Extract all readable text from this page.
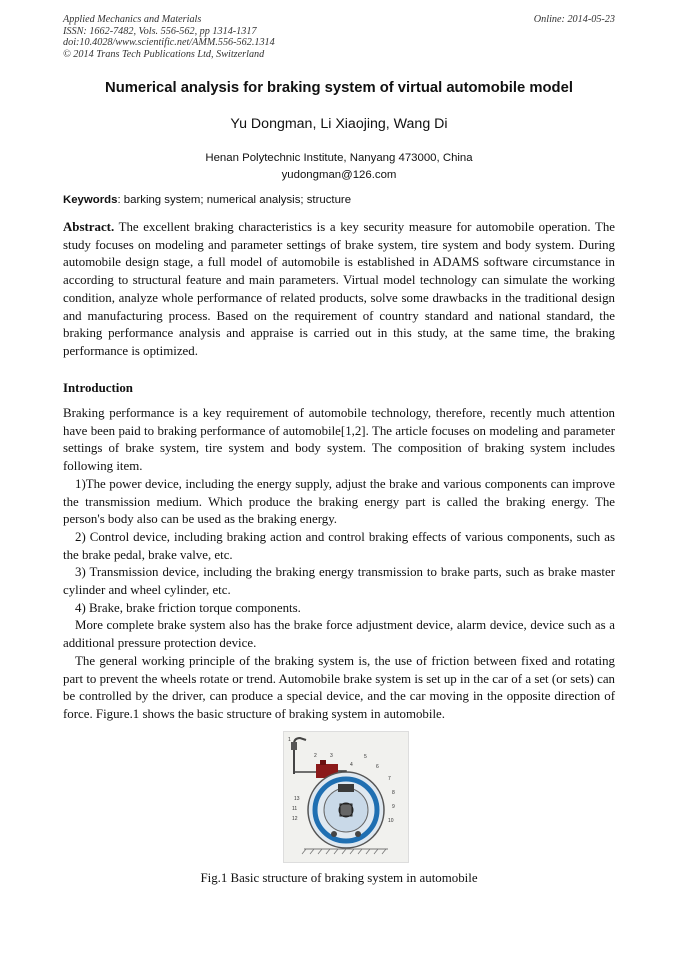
Applied Mechanics and Materials
ISSN: 1662-7482, Vols. 556-562, pp 1314-1317
doi:10.4028/www.scientific.net/AMM.556-562.1314
© 2014 Trans Tech Publications Ltd, Switzerland
Online: 2014-05-23
Numerical analysis for braking system of virtual automobile model
Yu Dongman, Li Xiaojing, Wang Di
Henan Polytechnic Institute, Nanyang 473000, China
yudongman@126.com
Keywords: barking system; numerical analysis; structure
Abstract. The excellent braking characteristics is a key security measure for automobile operation. The study focuses on modeling and parameter settings of brake system, tire system and body system. During automobile design stage, a full model of automobile is established in ADAMS software circumstance in according to structural feature and main parameters. Virtual model technology can simulate the working condition, analyze whole performance of related products, solve some drawbacks in the traditional design and manufacturing process. Based on the requirement of country standard and national standard, the braking performance analysis and appraise is carried out in this study, at the same time, the braking performance is optimized.
Introduction

Braking performance is a key requirement of automobile technology, therefore, recently much attention have been paid to braking performance of automobile[1,2]. The article focuses on modeling and parameter settings of brake system, tire system and body system. The composition of braking system includes following item.

1)The power device, including the energy supply, adjust the brake and various components can improve the transmission medium. Which produce the braking energy part is called the braking energy. The person's body also can be used as the braking energy.

2) Control device, including braking action and control braking effects of various components, such as the brake pedal, brake valve, etc.

3) Transmission device, including the braking energy transmission to brake parts, such as brake master cylinder and wheel cylinder, etc.

4) Brake, brake friction torque components.

More complete brake system also has the brake force adjustment device, alarm device, device such as a additional pressure protection device.

The general working principle of the braking system is, the use of friction between fixed and rotating part to prevent the wheels rotate or trend. Automobile brake system is set up in the car of a set (or sets) can be controlled by the driver, can produce a special device, and the car moving in the opposite direction of force. Figure.1 shows the basic structure of braking system in automobile.

1
2	3
4
5
6
7
8
9
10
11
12
13
Fig.1 Basic structure of braking system in automobile
